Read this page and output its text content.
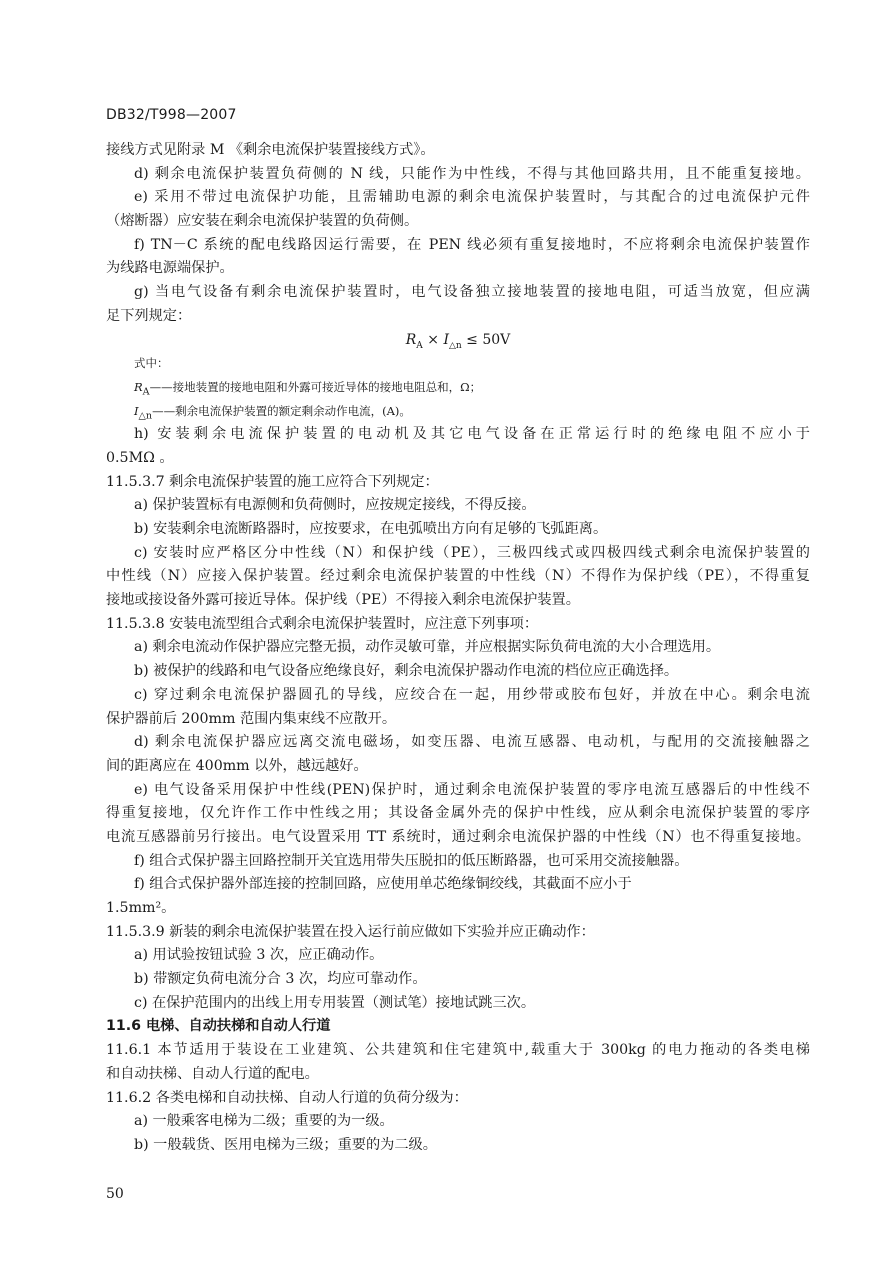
DB32/T998—2007
接线方式见附录 M 《剩余电流保护装置接线方式》。
d) 剩余电流保护装置负荷侧的 N 线，只能作为中性线，不得与其他回路共用，且不能重复接地。
e) 采用不带过电流保护功能，且需辅助电源的剩余电流保护装置时，与其配合的过电流保护元件
（熔断器）应安装在剩余电流保护装置的负荷侧。
f) TN－C 系统的配电线路因运行需要，在 PEN 线必须有重复接地时，不应将剩余电流保护装置作
为线路电源端保护。
g) 当电气设备有剩余电流保护装置时，电气设备独立接地装置的接地电阻，可适当放宽，但应满
足下列规定：
$R_A \times I_{\triangle n} \le 50V$
式中：
$R_A——$接地装置的接地电阻和外露可接近导体的接地电阻总和，Ω；
$I_{\triangle n}——$剩余电流保护装置的额定剩余动作电流，(A)。
h) 安装剩余电流保护装置的电动机及其它电气设备在正常运行时的绝缘电阻不应小于
0.5MΩ 。
11.5.3.7 剩余电流保护装置的施工应符合下列规定：
a) 保护装置标有电源侧和负荷侧时，应按规定接线，不得反接。
b) 安装剩余电流断路器时，应按要求，在电弧喷出方向有足够的飞弧距离。
c) 安装时应严格区分中性线（N）和保护线（PE），三极四线式或四极四线式剩余电流保护装置的
中性线（N）应接入保护装置。经过剩余电流保护装置的中性线（N）不得作为保护线（PE），不得重复
接地或接设备外露可接近导体。保护线（PE）不得接入剩余电流保护装置。
11.5.3.8 安装电流型组合式剩余电流保护装置时，应注意下列事项：
a) 剩余电流动作保护器应完整无损，动作灵敏可靠，并应根据实际负荷电流的大小合理选用。
b) 被保护的线路和电气设备应绝缘良好，剩余电流保护器动作电流的档位应正确选择。
c) 穿过剩余电流保护器圆孔的导线，应绞合在一起，用纱带或胶布包好，并放在中心。剩余电流
保护器前后 200mm 范围内集束线不应散开。
d) 剩余电流保护器应远离交流电磁场，如变压器、电流互感器、电动机，与配用的交流接触器之
间的距离应在 400mm 以外，越远越好。
e) 电气设备采用保护中性线(PEN)保护时，通过剩余电流保护装置的零序电流互感器后的中性线不
得重复接地，仅允许作工作中性线之用；其设备金属外壳的保护中性线，应从剩余电流保护装置的零序
电流互感器前另行接出。电气设置采用 TT 系统时，通过剩余电流保护器的中性线（N）也不得重复接地。
f) 组合式保护器主回路控制开关宜选用带失压脱扣的低压断路器，也可采用交流接触器。
f) 组合式保护器外部连接的控制回路，应使用单芯绝缘铜绞线，其截面不应小于
1.5mm²。
11.5.3.9 新装的剩余电流保护装置在投入运行前应做如下实验并应正确动作：
a) 用试验按钮试验 3 次，应正确动作。
b) 带额定负荷电流分合 3 次，均应可靠动作。
c) 在保护范围内的出线上用专用装置（测试笔）接地试跳三次。
11.6 电梯、自动扶梯和自动人行道
11.6.1 本节适用于装设在工业建筑、公共建筑和住宅建筑中,载重大于 300kg 的电力拖动的各类电梯
和自动扶梯、自动人行道的配电。
11.6.2 各类电梯和自动扶梯、自动人行道的负荷分级为：
a) 一般乘客电梯为二级；重要的为一级。
b) 一般载货、医用电梯为三级；重要的为二级。
50
